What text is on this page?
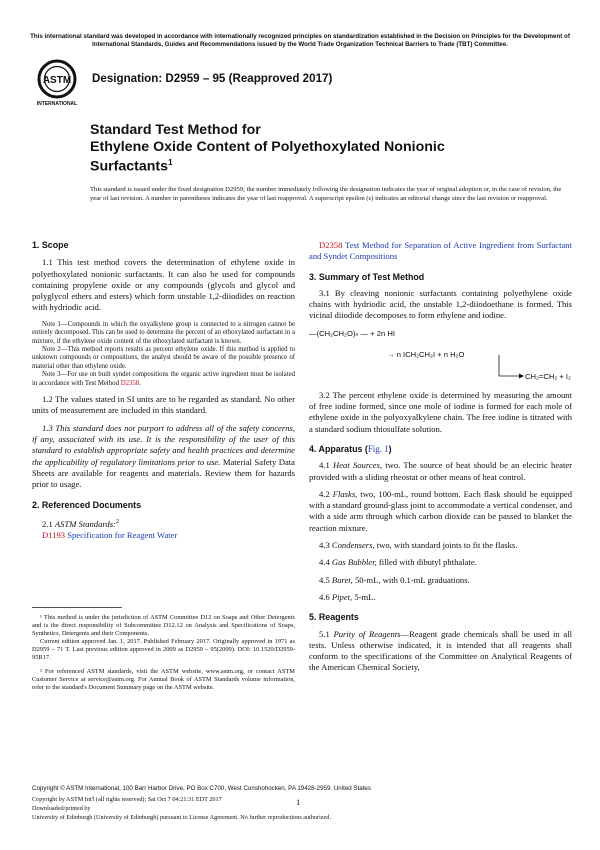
This international standard was developed in accordance with internationally recognized principles on standardization established in the Decision on Principles for the Development of International Standards, Guides and Recommendations issued by the World Trade Organization Technical Barriers to Trade (TBT) Committee.
ASTM
INTERNATIONAL
Designation: D2959 – 95 (Reapproved 2017)
Standard Test Method for
Ethylene Oxide Content of Polyethoxylated Nonionic
Surfactants$^1$
This standard is issued under the fixed designation D2959; the number immediately following the designation indicates the year of original adoption or, in the case of revision, the year of last revision. A number in parentheses indicates the year of last reapproval. A superscript epsilon (ε) indicates an editorial change since the last revision or reapproval.
1. Scope

1.1 This test method covers the determination of ethylene oxide in polyethoxylated nonionic surfactants. It can also be used for compounds containing propylene oxide or any compounds (glycols and glycol and polyglycol ethers and esters) which form unstable 1,2-diiodides on reaction with hydriodic acid.

Note 1—Compounds in which the oxyalkylene group is connected to a nitrogen cannot be entirely decomposed. This can be used to determine the percent of an ethoxylated surfactant in a mixture, if the ethylene oxide content of the ethoxylated surfactant is known.

Note 2—This method reports results as percent ethylene oxide. If this method is applied to unknown compounds or compositions, the analyst should be aware of the possible presence of material other than ethylene oxide.

Note 3—For use on built syndet compositions the organic active ingredient must be isolated in accordance with Test Method D2358.

1.2 The values stated in SI units are to be regarded as standard. No other units of measurement are included in this standard.

1.3 This standard does not purport to address all of the safety concerns, if any, associated with its use. It is the responsibility of the user of this standard to establish appropriate safety and health practices and determine the applicability of regulatory limitations prior to use. Material Safety Data Sheets are available for reagents and materials. Review them for hazards prior to usage.

2. Referenced Documents

2.1 ASTM Standards:$^2$

D1193 Specification for Reagent Water

¹ This method is under the jurisdiction of ASTM Committee D12 on Soaps and Other Detergents and is the direct responsibility of Subcommittee D12.12 on Analysis and Specifications of Soaps, Synthetics, Detergents and their Components.

Current edition approved Jan. 1, 2017. Published February 2017. Originally approved in 1971 as D2959 – 71 T. Last previous edition approved in 2009 as D2959 – 95(2009). DOI: 10.1520/D2959-95R17.

² For referenced ASTM standards, visit the ASTM website, www.astm.org, or contact ASTM Customer Service at service@astm.org. For Annual Book of ASTM Standards volume information, refer to the standard's Document Summary page on the ASTM website.

D2358 Test Method for Separation of Active Ingredient from Surfactant and Syndet Compositions

3. Summary of Test Method

3.1 By cleaving nonionic surfactants containing polyethylene oxide chains with hydriodic acid, the unstable 1,2-diiodoethane is formed. This vicinal diiodide decomposes to form ethylene and iodine.

—(CH₂CH₂O)ₙ — + 2n HI
→ n ICH₂CH₂I + n H₂O
CH₂=CH₂ + I₂

3.2 The percent ethylene oxide is determined by measuring the amount of free iodine formed, since one mole of iodine is formed for each mole of ethylene oxide in the polyoxyalkylene chain. The free iodine is titrated with a standard sodium thiosulfate solution.

4. Apparatus (Fig. 1)

4.1 Heat Sources, two. The source of heat should be an electric heater provided with a sliding rheostat or other means of heat control.

4.2 Flasks, two, 100-mL, round bottom. Each flask should be equipped with a standard ground-glass joint to accommodate a vertical condenser, and with a side arm through which carbon dioxide can be passed to blanket the reaction mixture.

4.3 Condensers, two, with standard joints to fit the flasks.

4.4 Gas Bubbler, filled with dibutyl phthalate.

4.5 Buret, 50-mL, with 0.1-mL graduations.

4.6 Pipet, 5-mL.

5. Reagents

5.1 Purity of Reagents—Reagent grade chemicals shall be used in all tests. Unless otherwise indicated, it is intended that all reagents shall conform to the specifications of the Committee on Analytical Reagents of the American Chemical Society,

Copyright © ASTM International, 100 Barr Harbor Drive, PO Box C700, West Conshohocken, PA 19428-2959. United States
Copyright by ASTM Int'l (all rights reserved); Sat Oct 7 04:21:31 EDT 2017	1
Downloaded/printed by
University of Edinburgh (University of Edinburgh) pursuant to License Agreement. No further reproductions authorized.
